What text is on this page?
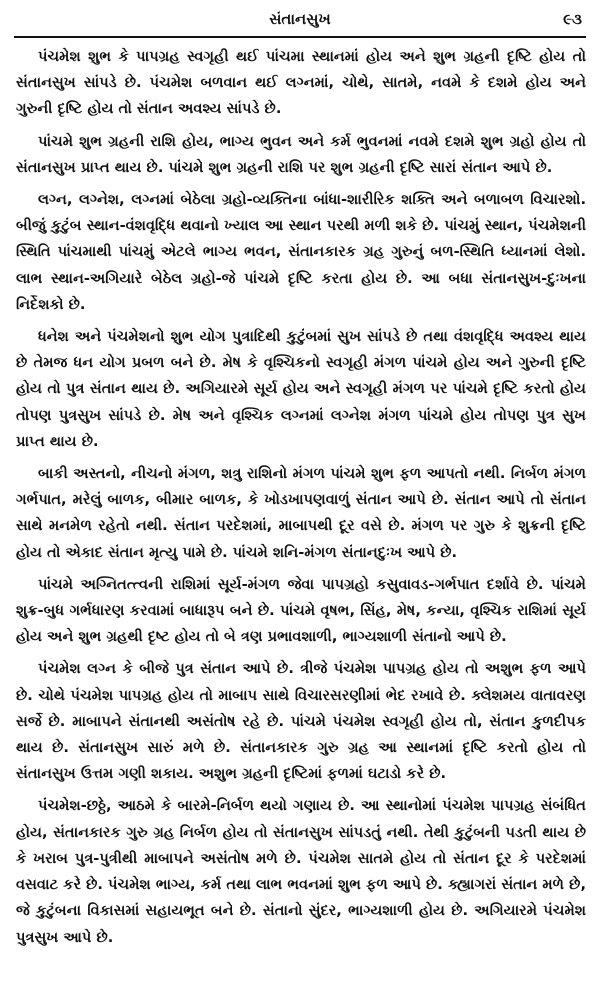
સંતાનસુખ	૯૩

પંચમેશ શુભ કે પાપગ્રહ સ્વગૃહી થઈ પાંચમા સ્થાનમાં હોય અને શુભ ગ્રહની દૃષ્ટિ હોય તો સંતાનસુખ સાંપડે છે. પંચમેશ બળવાન થઈ લગ્નમાં, ચોથે, સાતમે, નવમે કે દશમે હોય અને ગુરુની દૃષ્ટિ હોય તો સંતાન અવશ્ય સાંપડે છે.

પાંચમે શુભ ગ્રહની રાશિ હોય, ભાગ્ય ભુવન અને કર્મ ભુવનમાં નવમે દશમે શુભ ગ્રહો હોય તો સંતાનસુખ પ્રાપ્ત થાય છે. પાંચમે શુભ ગ્રહની રાશિ પર શુભ ગ્રહની દૃષ્ટિ સારાં સંતાન આપે છે.

લગ્ન, લગ્નેશ, લગ્નમાં બેઠેલા ગ્રહો-વ્યક્તિના બાંધા-શારીરિક શક્તિ અને બળાબળ વિચારશો. બીજું કુટુંબ સ્થાન-વંશવૃદ્ધિ થવાનો ખ્યાલ આ સ્થાન પરથી મળી શકે છે. પાંચમું સ્થાન, પંચમેશની સ્થિતિ પાંચમાથી પાંચમું એટલે ભાગ્ય ભવન, સંતાનકારક ગ્રહ ગુરુનું બળ-સ્થિતિ ધ્યાનમાં લેશો. લાભ સ્થાન-અગિયારે બેઠેલ ગ્રહો-જે પાંચમે દૃષ્ટિ કરતા હોય છે. આ બધા સંતાનસુખ-દુઃખના નિર્દેશકો છે.

ધનેશ અને પંચમેશનો શુભ યોગ પુત્રાદિથી કુટુંબમાં સુખ સાંપડે છે તથા વંશવૃદ્ધિ અવશ્ય થાય છે તેમજ ધન યોગ પ્રબળ બને છે. મેષ કે વૃશ્ચિકનો સ્વગૃહી મંગળ પાંચમે હોય અને ગુરુની દૃષ્ટિ હોય તો પુત્ર સંતાન થાય છે. અગિયારમે સૂર્ય હોય અને સ્વગૃહી મંગળ પર પાંચમે દૃષ્ટિ કરતો હોય તોપણ પુત્રસુખ સાંપડે છે. મેષ અને વૃશ્ચિક લગ્નમાં લગ્નેશ મંગળ પાંચમે હોય તોપણ પુત્ર સુખ પ્રાપ્ત થાય છે.

બાકી અસ્તનો, નીચનો મંગળ, શત્રુ રાશિનો મંગળ પાંચમે શુભ ફળ આપતો નથી. નિર્બળ મંગળ ગર્ભપાત, મરેલું બાળક, બીમાર બાળક, કે ખોડખાપણવાળું સંતાન આપે છે. સંતાન આપે તો સંતાન સાથે મનમેળ રહેતો નથી. સંતાન પરદેશમાં, માબાપથી દૂર વસે છે. મંગળ પર ગુરુ કે શુક્રની દૃષ્ટિ હોય તો એકાદ સંતાન મૃત્યુ પામે છે. પાંચમે શનિ-મંગળ સંતાનદુઃખ આપે છે.

પાંચમે અગ્નિતત્ત્વની રાશિમાં સૂર્ય-મંગળ જેવા પાપગ્રહો કસુવાવડ-ગર્ભપાત દર્શાવે છે. પાંચમે શુક્ર-બુધ ગર્ભધારણ કરવામાં બાધારૂપ બને છે. પાંચમે વૃષભ, સિંહ, મેષ, કન્યા, વૃશ્ચિક રાશિમાં સૂર્ય હોય અને શુભ ગ્રહથી દૃષ્ટ હોય તો બે ત્રણ પ્રભાવશાળી, ભાગ્યશાળી સંતાનો આપે છે.

પંચમેશ લગ્ન કે બીજે પુત્ર સંતાન આપે છે. ત્રીજે પંચમેશ પાપગ્રહ હોય તો અશુભ ફળ આપે છે. ચોથે પંચમેશ પાપગ્રહ હોય તો માબાપ સાથે વિચારસરણીમાં ભેદ રખાવે છે. ક્લેશમય વાતાવરણ સર્જે છે. માબાપને સંતાનથી અસંતોષ રહે છે. પાંચમે પંચમેશ સ્વગૃહી હોય તો, સંતાન કુળદીપક થાય છે. સંતાનસુખ સારું મળે છે. સંતાનકારક ગુરુ ગ્રહ આ સ્થાનમાં દૃષ્ટિ કરતો હોય તો સંતાનસુખ ઉત્તમ ગણી શકાય. અશુભ ગ્રહની દૃષ્ટિમાં ફળમાં ઘટાડો કરે છે.

પંચમેશ-છઠ્ઠે, આઠમે કે બારમે-નિર્બળ થયો ગણાય છે. આ સ્થાનોમાં પંચમેશ પાપગ્રહ સંબંધિત હોય, સંતાનકારક ગુરુ ગ્રહ નિર્બળ હોય તો સંતાનસુખ સાંપડતું નથી. તેથી કુટુંબની પડતી થાય છે કે ખરાબ પુત્ર-પુત્રીથી માબાપને અસંતોષ મળે છે. પંચમેશ સાતમે હોય તો સંતાન દૂર કે પરદેશમાં વસવાટ કરે છે. પંચમેશ ભાગ્ય, કર્મ તથા લાભ ભવનમાં શુભ ફળ આપે છે. ક્હ્યાગરાં સંતાન મળે છે, જે કુટુંબના વિકાસમાં સહાયભૂત બને છે. સંતાનો સુંદર, ભાગ્યશાળી હોય છે. અગિયારમે પંચમેશ પુત્રસુખ આપે છે.
